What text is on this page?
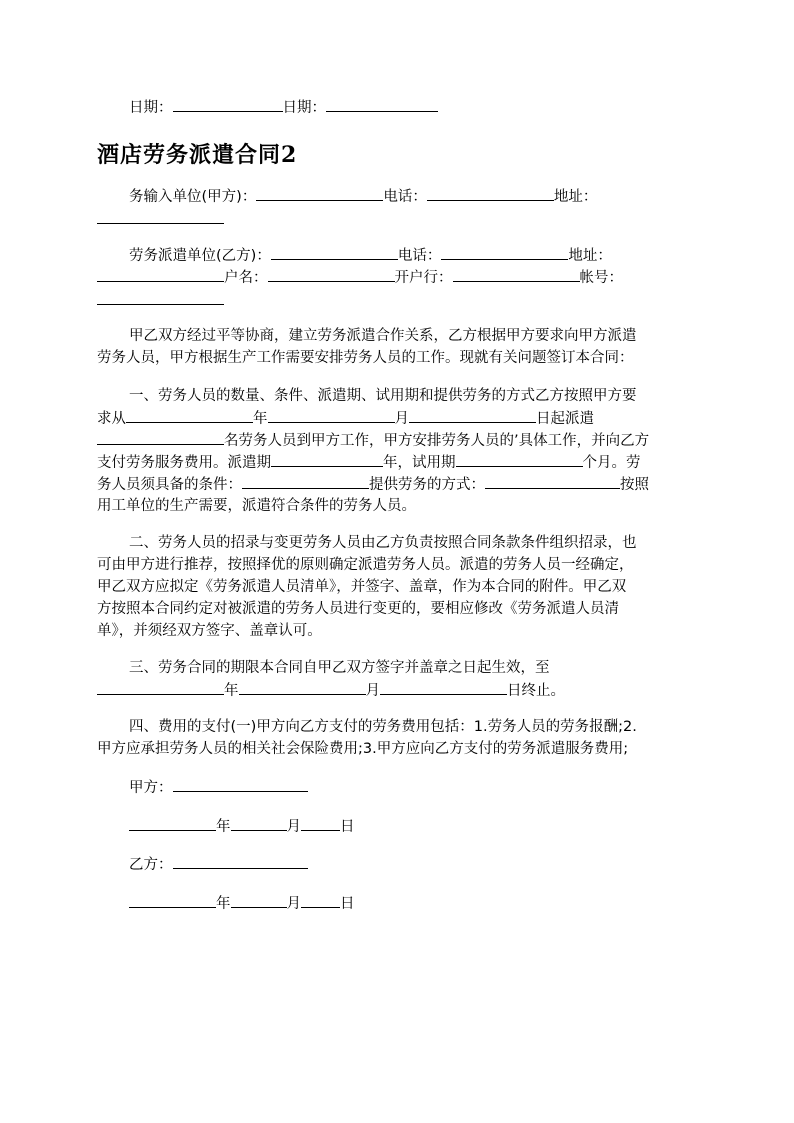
日期：	日期：
酒店劳务派遣合同2
务输入单位(甲方)：	电话：	地址：
劳务派遣单位(乙方)：	电话：	地址：
户名：	开户行：	帐号：
甲乙双方经过平等协商，建立劳务派遣合作关系，乙方根据甲方要求向甲方派遣
劳务人员，甲方根据生产工作需要安排劳务人员的工作。现就有关问题签订本合同：
一、劳务人员的数量、条件、派遣期、试用期和提供劳务的方式乙方按照甲方要
求从	年	月	日起派遣
名劳务人员到甲方工作，甲方安排劳务人员的’具体工作，并向乙方
支付劳务服务费用。派遣期	年，试用期	个月。劳
务人员须具备的条件：	提供劳务的方式：	按照
用工单位的生产需要，派遣符合条件的劳务人员。
二、劳务人员的招录与变更劳务人员由乙方负责按照合同条款条件组织招录，也
可由甲方进行推荐，按照择优的原则确定派遣劳务人员。派遣的劳务人员一经确定，
甲乙双方应拟定《劳务派遣人员清单》，并签字、盖章，作为本合同的附件。甲乙双
方按照本合同约定对被派遣的劳务人员进行变更的，要相应修改《劳务派遣人员清
单》，并须经双方签字、盖章认可。
三、劳务合同的期限本合同自甲乙双方签字并盖章之日起生效，至
年	月	日终止。
四、费用的支付(一)甲方向乙方支付的劳务费用包括：1.劳务人员的劳务报酬;2.
甲方应承担劳务人员的相关社会保险费用;3.甲方应向乙方支付的劳务派遣服务费用;
甲方：
年	月	日
乙方：
年	月	日
